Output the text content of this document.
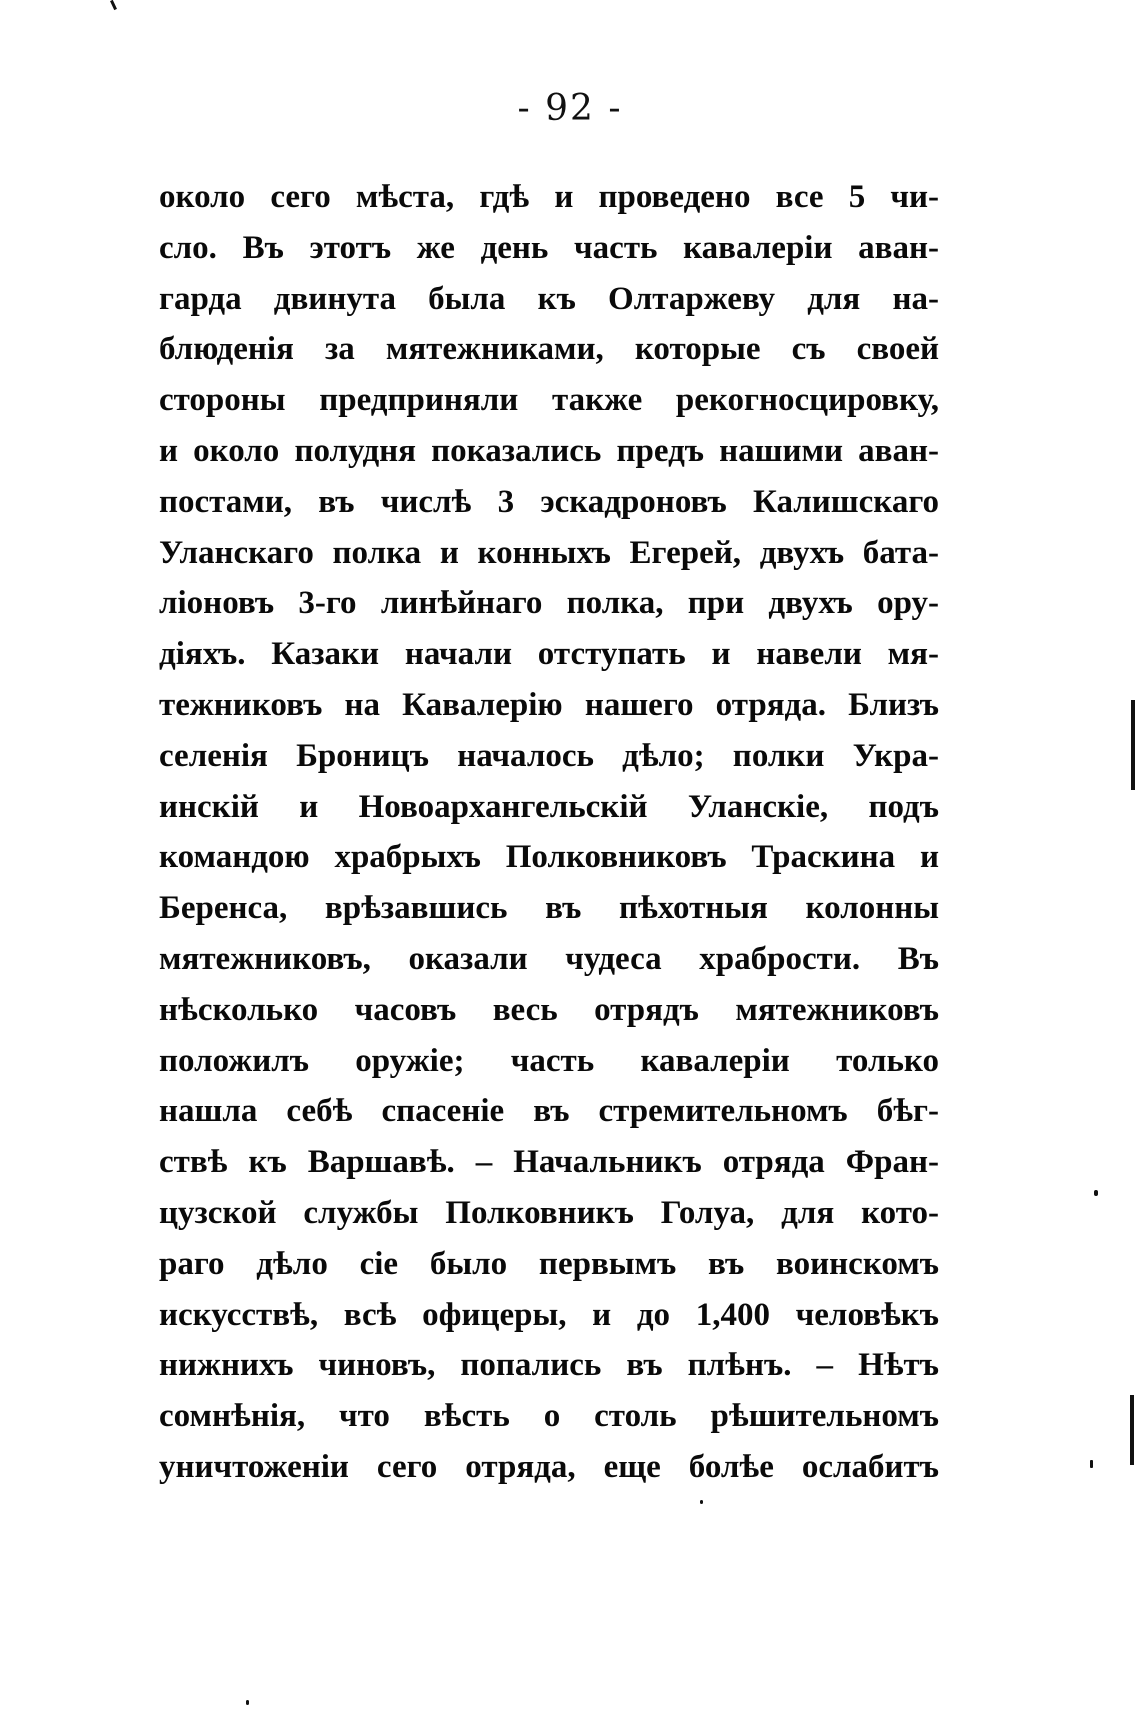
- 92 -
около сего мѣста, гдѣ и проведено все 5 чи-
сло. Въ этотъ же день часть кавалеріи аван-
гарда двинута была къ Олтаржеву для на-
блюденія за мятежниками, которые съ своей
стороны предприняли также рекогносцировку,
и около полудня показались предъ нашими аван-
постами, въ числѣ 3 эскадроновъ Калишскаго
Уланскаго полка и конныхъ Егерей, двухъ бата-
ліоновъ 3-го линѣйнаго полка, при двухъ ору-
діяхъ. Казаки начали отступать и навели мя-
тежниковъ на Кавалерію нашего отряда. Близъ
селенія Броницъ началось дѣло; полки Укра-
инскій и Новоархангельскій Уланскіе, подъ
командою храбрыхъ Полковниковъ Траскина и
Беренса, врѣзавшись въ пѣхотныя колонны
мятежниковъ, оказали чудеса храбрости. Въ
нѣсколько часовъ весь отрядъ мятежниковъ
положилъ оружіе; часть кавалеріи только
нашла себѣ спасеніе въ стремительномъ бѣг-
ствѣ къ Варшавѣ. – Начальникъ отряда Фран-
цузской службы Полковникъ Голуа, для кото-
раго дѣло сіе было первымъ въ воинскомъ
искусствѣ, всѣ офицеры, и до 1,400 человѣкъ
нижнихъ чиновъ, попались въ плѣнъ. – Нѣтъ
сомнѣнія, что вѣсть о столь рѣшительномъ
уничтоженіи сего отряда, еще болѣе ослабитъ
